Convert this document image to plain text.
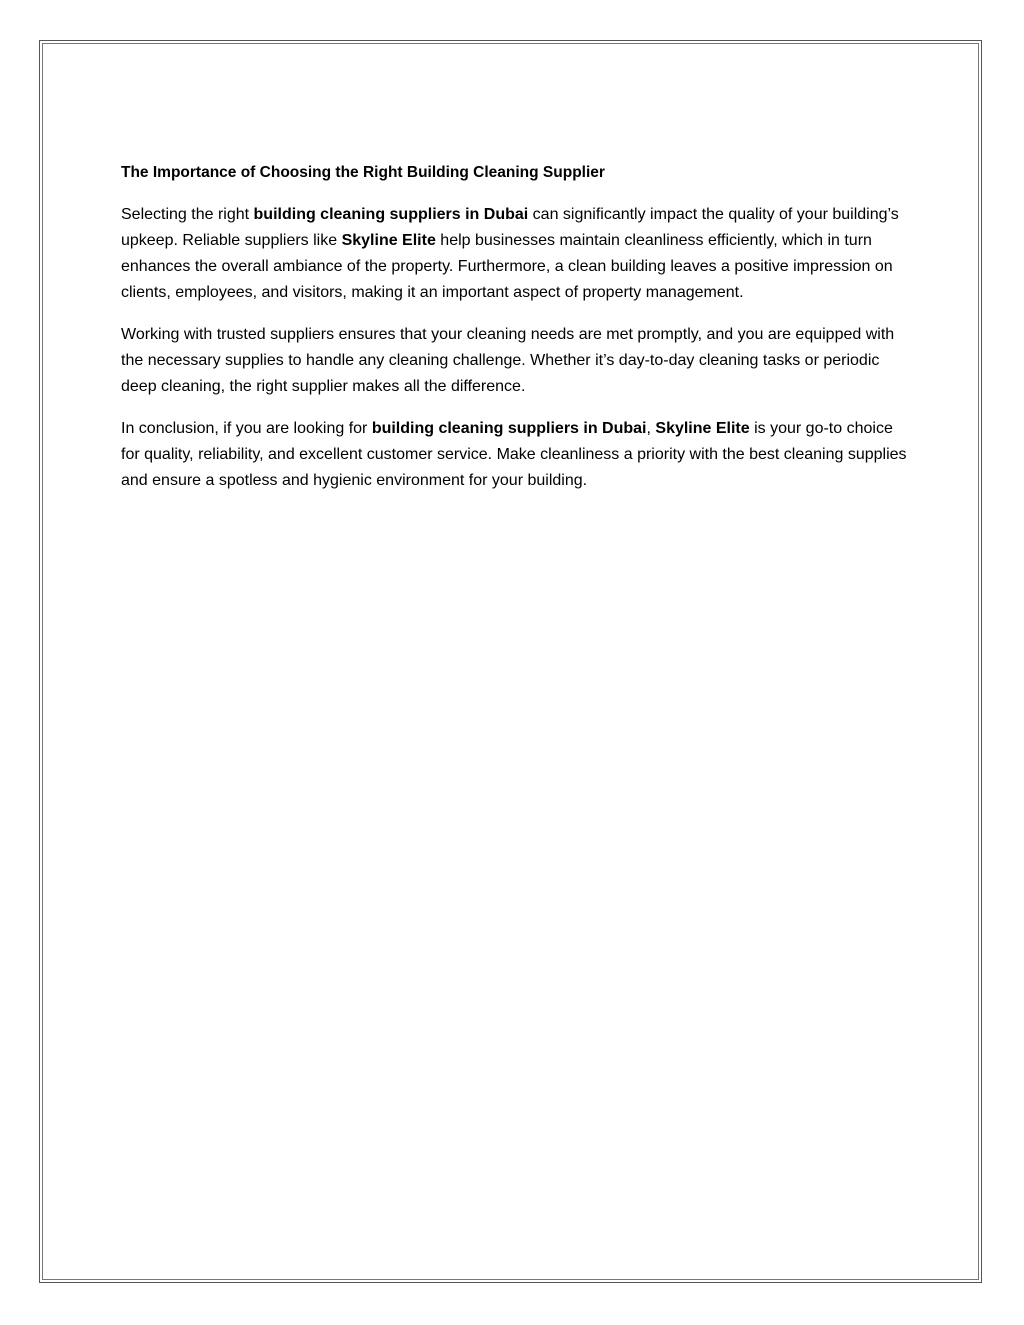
The Importance of Choosing the Right Building Cleaning Supplier

Selecting the right building cleaning suppliers in Dubai can significantly impact the quality of your building’s upkeep. Reliable suppliers like Skyline Elite help businesses maintain cleanliness efficiently, which in turn enhances the overall ambiance of the property. Furthermore, a clean building leaves a positive impression on clients, employees, and visitors, making it an important aspect of property management.

Working with trusted suppliers ensures that your cleaning needs are met promptly, and you are equipped with the necessary supplies to handle any cleaning challenge. Whether it’s day-to-day cleaning tasks or periodic deep cleaning, the right supplier makes all the difference.

In conclusion, if you are looking for building cleaning suppliers in Dubai, Skyline Elite is your go-to choice for quality, reliability, and excellent customer service. Make cleanliness a priority with the best cleaning supplies and ensure a spotless and hygienic environment for your building.
